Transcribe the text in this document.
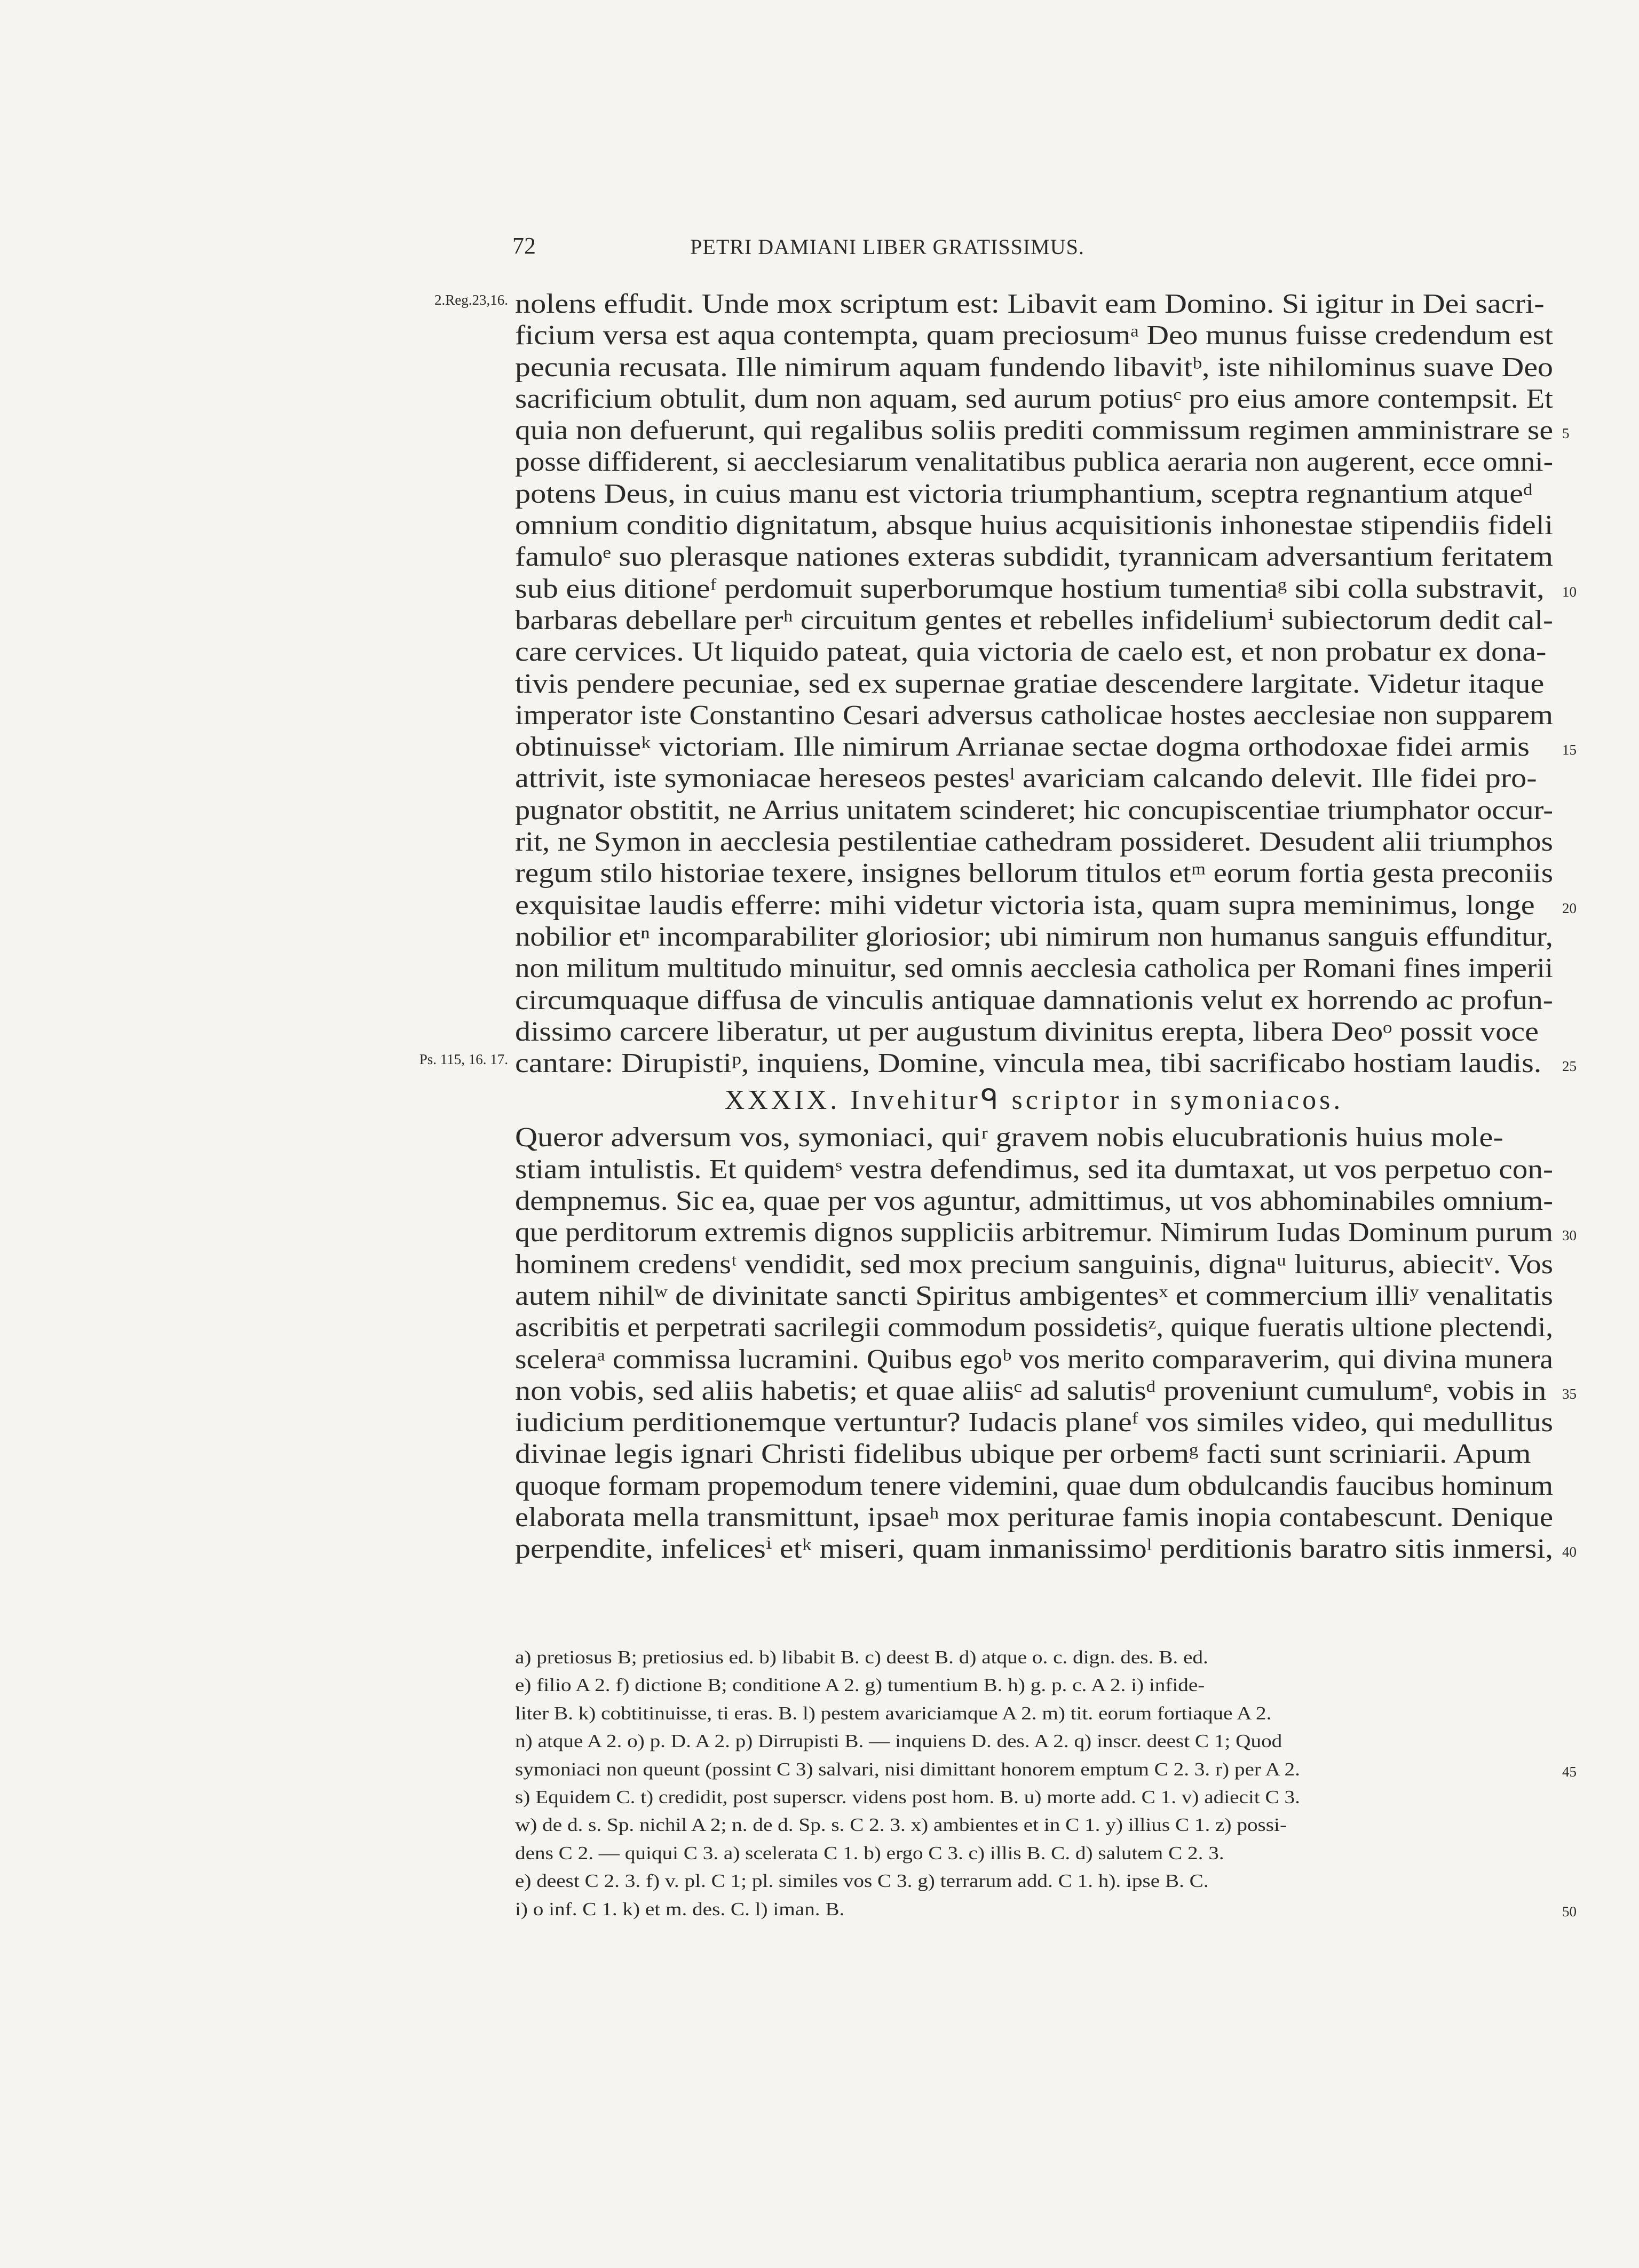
72	PETRI DAMIANI LIBER GRATISSIMUS.
nolens effudit. Unde mox scriptum est: Libavit eam Domino. Si igitur in Dei sacri-
2.Reg.23,16.
ficium versa est aqua contempta, quam preciosumᵃ Deo munus fuisse credendum est
pecunia recusata. Ille nimirum aquam fundendo libavitᵇ, iste nihilominus suave Deo
sacrificium obtulit, dum non aquam, sed aurum potiusᶜ pro eius amore contempsit. Et
quia non defuerunt, qui regalibus soliis prediti commissum regimen amministrare se 5
posse diffiderent, si aecclesiarum venalitatibus publica aeraria non augerent, ecce omni-
potens Deus, in cuius manu est victoria triumphantium, sceptra regnantium atqueᵈ
omnium conditio dignitatum, absque huius acquisitionis inhonestae stipendiis fideli
famuloᵉ suo plerasque nationes exteras subdidit, tyrannicam adversantium feritatem
sub eius ditioneᶠ perdomuit superborumque hostium tumentiaᵍ sibi colla substravit, 10
barbaras debellare perʰ circuitum gentes et rebelles infideliumⁱ subiectorum dedit cal-
care cervices. Ut liquido pateat, quia victoria de caelo est, et non probatur ex dona-
tivis pendere pecuniae, sed ex supernae gratiae descendere largitate. Videtur itaque
imperator iste Constantino Cesari adversus catholicae hostes aecclesiae non supparem
obtinuisseᵏ victoriam. Ille nimirum Arrianae sectae dogma orthodoxae fidei armis 15
attrivit, iste symoniacae hereseos pestesˡ avariciam calcando delevit. Ille fidei pro-
pugnator obstitit, ne Arrius unitatem scinderet; hic concupiscentiae triumphator occur-
rit, ne Symon in aecclesia pestilentiae cathedram possideret. Desudent alii triumphos
regum stilo historiae texere, insignes bellorum titulos etᵐ eorum fortia gesta preconiis
exquisitae laudis efferre: mihi videtur victoria ista, quam supra meminimus, longe 20
nobilior etⁿ incomparabiliter gloriosior; ubi nimirum non humanus sanguis effunditur,
non militum multitudo minuitur, sed omnis aecclesia catholica per Romani fines imperii
circumquaque diffusa de vinculis antiquae damnationis velut ex horrendo ac profun-
dissimo carcere liberatur, ut per augustum divinitus erepta, libera Deoᵒ possit voce
cantare: Dirupistiᵖ, inquiens, Domine, vincula mea, tibi sacrificabo hostiam laudis.
Ps. 115, 16. 17.	25
XXXIX. Invehiturᑫ scriptor in symoniacos.
Queror adversum vos, symoniaci, quiʳ gravem nobis elucubrationis huius mole-
stiam intulistis. Et quidemˢ vestra defendimus, sed ita dumtaxat, ut vos perpetuo con-
dempnemus. Sic ea, quae per vos aguntur, admittimus, ut vos abhominabiles omnium-
que perditorum extremis dignos suppliciis arbitremur. Nimirum Iudas Dominum purum 30
hominem credensᵗ vendidit, sed mox precium sanguinis, dignaᵘ luiturus, abiecitᵛ. Vos
autem nihilʷ de divinitate sancti Spiritus ambigentesˣ et commercium illiʸ venalitatis
ascribitis et perpetrati sacrilegii commodum possidetisᶻ, quique fueratis ultione plectendi,
sceleraᵃ commissa lucramini. Quibus egoᵇ vos merito comparaverim, qui divina munera
non vobis, sed aliis habetis; et quae aliisᶜ ad salutisᵈ proveniunt cumulumᵉ, vobis in 35
iudicium perditionemque vertuntur? Iudacis planeᶠ vos similes video, qui medullitus
divinae legis ignari Christi fidelibus ubique per orbemᵍ facti sunt scriniarii. Apum
quoque formam propemodum tenere videmini, quae dum obdulcandis faucibus hominum
elaborata mella transmittunt, ipsaeʰ mox periturae famis inopia contabescunt. Denique
perpendite, infelicesⁱ etᵏ miseri, quam inmanissimoˡ perditionis baratro sitis inmersi, 40
a) pretiosus B; pretiosius ed. b) libabit B. c) deest B. d) atque o. c. dign. des. B. ed.
e) filio A 2. f) dictione B; conditione A 2. g) tumentium B. h) g. p. c. A 2. i) infide-
liter B. k) cobtitinuisse, ti eras. B. l) pestem avariciamque A 2. m) tit. eorum fortiaque A 2.
n) atque A 2. o) p. D. A 2. p) Dirrupisti B. — inquiens D. des. A 2. q) inscr. deest C 1; Quod
symoniaci non queunt (possint C 3) salvari, nisi dimittant honorem emptum C 2. 3. r) per A 2.	45
s) Equidem C. t) credidit, post superscr. videns post hom. B. u) morte add. C 1. v) adiecit C 3.
w) de d. s. Sp. nichil A 2; n. de d. Sp. s. C 2. 3. x) ambientes et in C 1. y) illius C 1. z) possi-
dens C 2. — quiqui C 3. a) scelerata C 1. b) ergo C 3. c) illis B. C. d) salutem C 2. 3.
e) deest C 2. 3. f) v. pl. C 1; pl. similes vos C 3. g) terrarum add. C 1. h). ipse B. C.
i) o inf. C 1. k) et m. des. C. l) iman. B.	50
